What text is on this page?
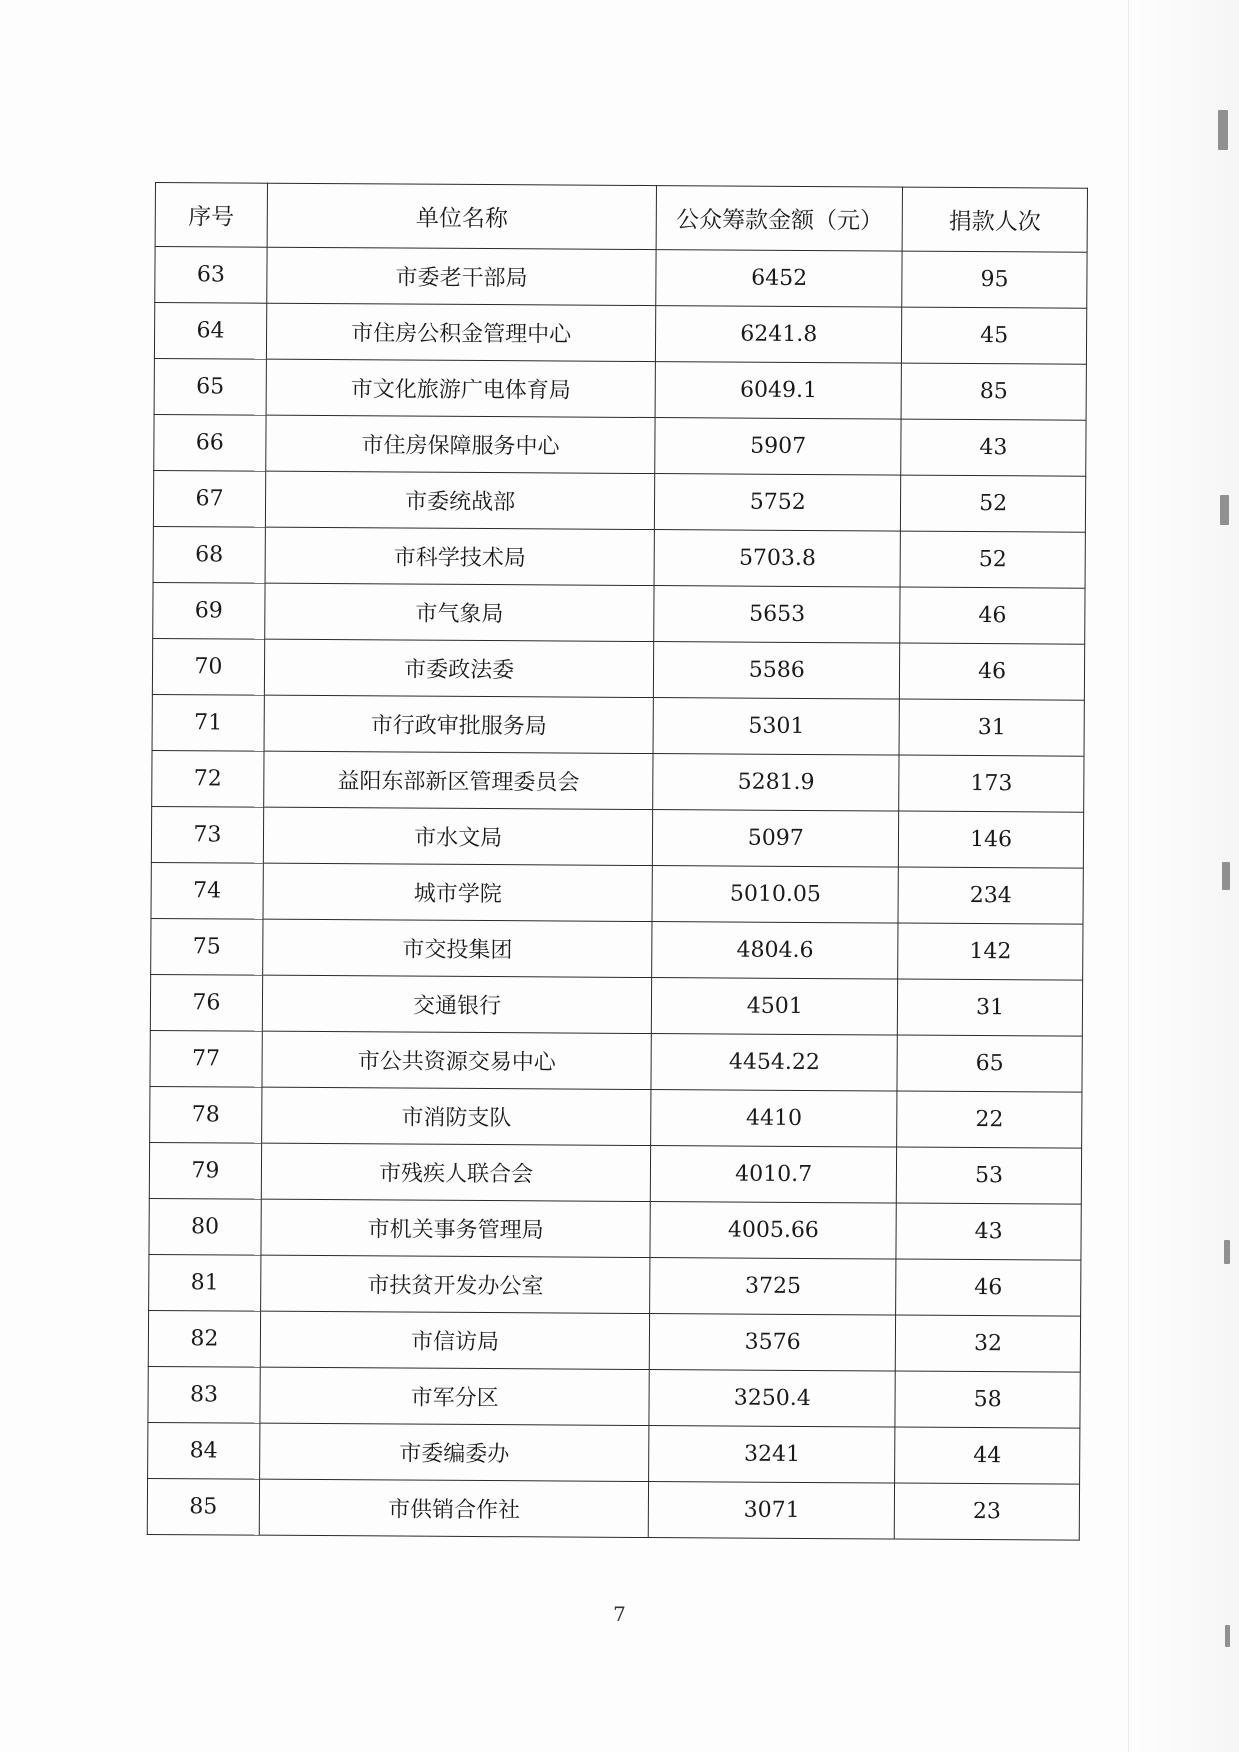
序号	单位名称	公众筹款金额（元）	捐款人次
63	市委老干部局	6452	95
64	市住房公积金管理中心	6241.8	45
65	市文化旅游广电体育局	6049.1	85
66	市住房保障服务中心	5907	43
67	市委统战部	5752	52
68	市科学技术局	5703.8	52
69	市气象局	5653	46
70	市委政法委	5586	46
71	市行政审批服务局	5301	31
72	益阳东部新区管理委员会	5281.9	173
73	市水文局	5097	146
74	城市学院	5010.05	234
75	市交投集团	4804.6	142
76	交通银行	4501	31
77	市公共资源交易中心	4454.22	65
78	市消防支队	4410	22
79	市残疾人联合会	4010.7	53
80	市机关事务管理局	4005.66	43
81	市扶贫开发办公室	3725	46
82	市信访局	3576	32
83	市军分区	3250.4	58
84	市委编委办	3241	44
85	市供销合作社	3071	23
7
